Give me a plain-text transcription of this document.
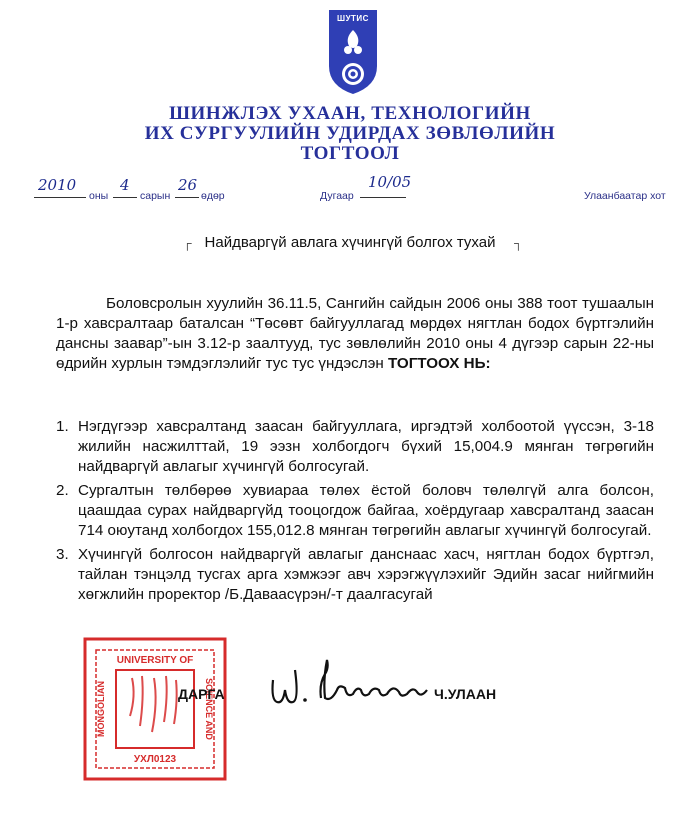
ШУТИС
ШИНЖЛЭХ УХААН, ТЕХНОЛОГИЙН
ИХ СУРГУУЛИЙН УДИРДАХ ЗӨВЛӨЛИЙН
ТОГТООЛ
2010
оны
4
сарын
26
өдөр	Дугаар
10/05
Улаанбаатар хот
┌ Найдваргүй авлага хүчингүй болгох тухай	┐
Боловсролын хуулийн 36.11.5, Сангийн сайдын 2006 оны 388 тоот тушаалын 1-р хавсралтаар баталсан “Төсөвт байгууллагад мөрдөх нягтлан бодох бүртгэлийн дансны заавар”-ын 3.12-р заалтууд, тус зөвлөлийн 2010 оны 4 дүгээр сарын 22-ны өдрийн хурлын тэмдэглэлийг тус тус үндэслэн ТОГТООХ НЬ:
1. Нэгдүгээр хавсралтанд заасан байгууллага, иргэдтэй холбоотой үүссэн, 3-18 жилийн насжилттай, 19 ээзн холбогдогч бүхий 15,004.9 мянган төгрөгийн найдваргүй авлагыг хүчингүй болгосугай.
2. Сургалтын төлбөрөө хувиараа төлөх ёстой боловч төлөлгүй алга болсон, цаашдаа сурах найдваргүйд тооцогдож байгаа, хоёрдугаар хавсралтанд заасан 714 оюутанд холбогдох 155,012.8 мянган төгрөгийн авлагыг хүчингүй болгосугай.
3. Хүчингүй болгосон найдваргүй авлагыг данснаас хасч, нягтлан бодох бүртгэл, тайлан тэнцэлд тусгах арга хэмжээг авч хэрэгжүүлэхийг Эдийн засаг нийгмийн хөгжлийн проректор /Б.Даваасүрэн/-т даалгасугай
UNIVERSITY OF
SCIENCE AND
MONGOLIAN
УХЛ0123
ДАРГА	Ч.УЛААН
